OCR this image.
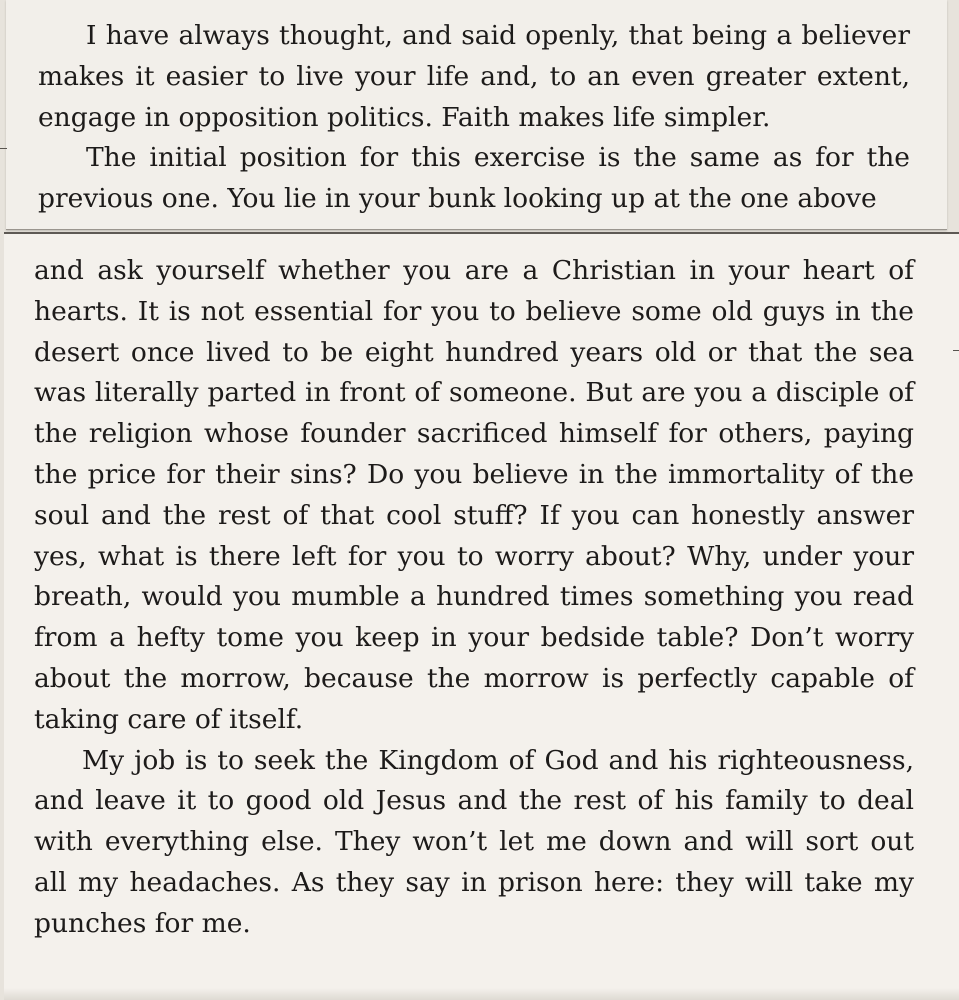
I have always thought, and said openly, that being a believer makes it easier to live your life and, to an even greater extent, engage in opposition politics. Faith makes life simpler.

The initial position for this exercise is the same as for the previous one. You lie in your bunk looking up at the one above

and ask yourself whether you are a Christian in your heart of hearts. It is not essential for you to believe some old guys in the desert once lived to be eight hundred years old or that the sea was literally parted in front of someone. But are you a disciple of the religion whose founder sacrificed himself for others, paying the price for their sins? Do you believe in the immortality of the soul and the rest of that cool stuff? If you can honestly answer yes, what is there left for you to worry about? Why, under your breath, would you mumble a hundred times something you read from a hefty tome you keep in your bedside table? Don’t worry about the morrow, because the morrow is perfectly capable of taking care of itself.

My job is to seek the Kingdom of God and his righteousness, and leave it to good old Jesus and the rest of his family to deal with everything else. They won’t let me down and will sort out all my headaches. As they say in prison here: they will take my punches for me.
